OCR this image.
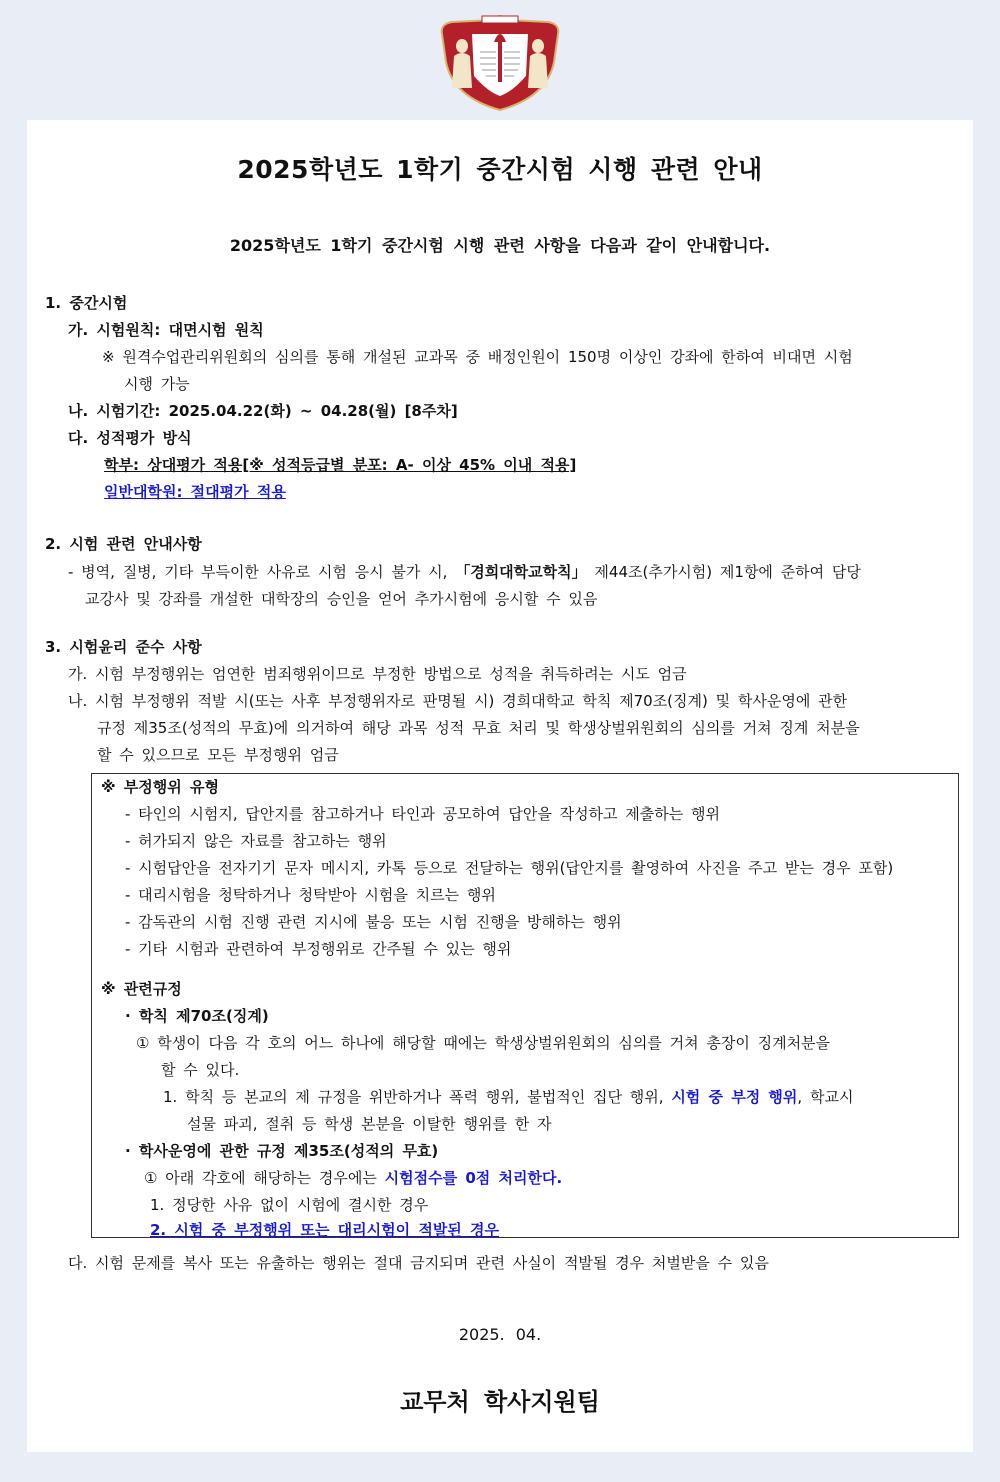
2025학년도 1학기 중간시험 시행 관련 안내
2025학년도 1학기 중간시험 시행 관련 사항을 다음과 같이 안내합니다.
1. 중간시험
가. 시험원칙: 대면시험 원칙
※ 원격수업관리위원회의 심의를 통해 개설된 교과목 중 배정인원이 150명 이상인 강좌에 한하여 비대면 시험
시행 가능
나. 시험기간: 2025.04.22(화) ~ 04.28(월) [8주차]
다. 성적평가 방식
학부: 상대평가 적용[※ 성적등급별 분포: A- 이상 45% 이내 적용]
일반대학원: 절대평가 적용
2. 시험 관련 안내사항
- 병역, 질병, 기타 부득이한 사유로 시험 응시 불가 시, 「경희대학교학칙」 제44조(추가시험) 제1항에 준하여 담당
교강사 및 강좌를 개설한 대학장의 승인을 얻어 추가시험에 응시할 수 있음
3. 시험윤리 준수 사항
가. 시험 부정행위는 엄연한 범죄행위이므로 부정한 방법으로 성적을 취득하려는 시도 엄금
나. 시험 부정행위 적발 시(또는 사후 부정행위자로 판명될 시) 경희대학교 학칙 제70조(징계) 및 학사운영에 관한
규정 제35조(성적의 무효)에 의거하여 해당 과목 성적 무효 처리 및 학생상벌위원회의 심의를 거쳐 징계 처분을
할 수 있으므로 모든 부정행위 엄금
※ 부정행위 유형
- 타인의 시험지, 답안지를 참고하거나 타인과 공모하여 답안을 작성하고 제출하는 행위
- 허가되지 않은 자료를 참고하는 행위
- 시험답안을 전자기기 문자 메시지, 카톡 등으로 전달하는 행위(답안지를 촬영하여 사진을 주고 받는 경우 포함)
- 대리시험을 청탁하거나 청탁받아 시험을 치르는 행위
- 감독관의 시험 진행 관련 지시에 불응 또는 시험 진행을 방해하는 행위
- 기타 시험과 관련하여 부정행위로 간주될 수 있는 행위
※ 관련규정
· 학칙 제70조(징계)
① 학생이 다음 각 호의 어느 하나에 해당할 때에는 학생상벌위원회의 심의를 거쳐 총장이 징계처분을
할 수 있다.
1. 학칙 등 본교의 제 규정을 위반하거나 폭력 행위, 불법적인 집단 행위, 시험 중 부정 행위, 학교시
설물 파괴, 절취 등 학생 본분을 이탈한 행위를 한 자
· 학사운영에 관한 규정 제35조(성적의 무효)
① 아래 각호에 해당하는 경우에는 시험점수를 0점 처리한다.
1. 정당한 사유 없이 시험에 결시한 경우
2. 시험 중 부정행위 또는 대리시험이 적발된 경우
다. 시험 문제를 복사 또는 유출하는 행위는 절대 금지되며 관련 사실이 적발될 경우 처벌받을 수 있음
2025. 04.
교무처 학사지원팀
